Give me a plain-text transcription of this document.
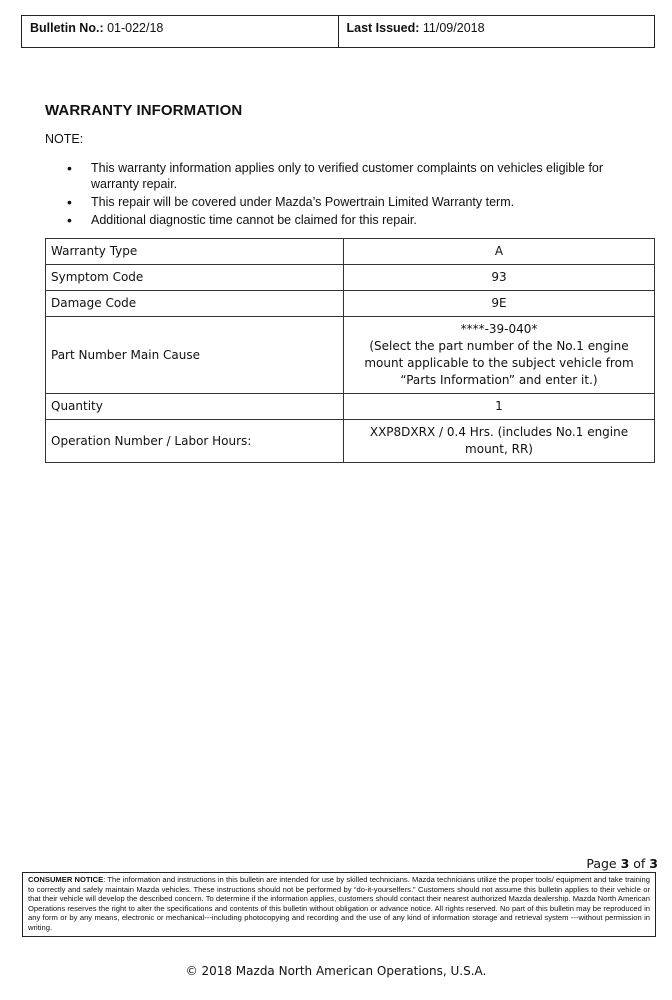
Bulletin No.: 01-022/18	Last Issued: 11/09/2018
WARRANTY INFORMATION
NOTE:
• This warranty information applies only to verified customer complaints on vehicles eligible for warranty repair.
• This repair will be covered under Mazda’s Powertrain Limited Warranty term.
• Additional diagnostic time cannot be claimed for this repair.
Warranty Type	A
Symptom Code	93
Damage Code	9E
Part Number Main Cause	****-39-040*
(Select the part number of the No.1 engine mount applicable to the subject vehicle from “Parts Information” and enter it.)

Quantity	1
Operation Number / Labor Hours:	XXP8DXRX / 0.4 Hrs. (includes No.1 engine mount, RR)
Page 3 of 3
CONSUMER NOTICE: The information and instructions in this bulletin are intended for use by skilled technicians. Mazda technicians utilize the proper tools/ equipment and take training to correctly and safely maintain Mazda vehicles. These instructions should not be performed by “do-it-yourselfers.” Customers should not assume this bulletin applies to their vehicle or that their vehicle will develop the described concern. To determine if the information applies, customers should contact their nearest authorized Mazda dealership. Mazda North American Operations reserves the right to alter the specifications and contents of this bulletin without obligation or advance notice. All rights reserved. No part of this bulletin may be reproduced in any form or by any means, electronic or mechanical---including photocopying and recording and the use of any kind of information storage and retrieval system ---without permission in writing.
© 2018 Mazda North American Operations, U.S.A.
